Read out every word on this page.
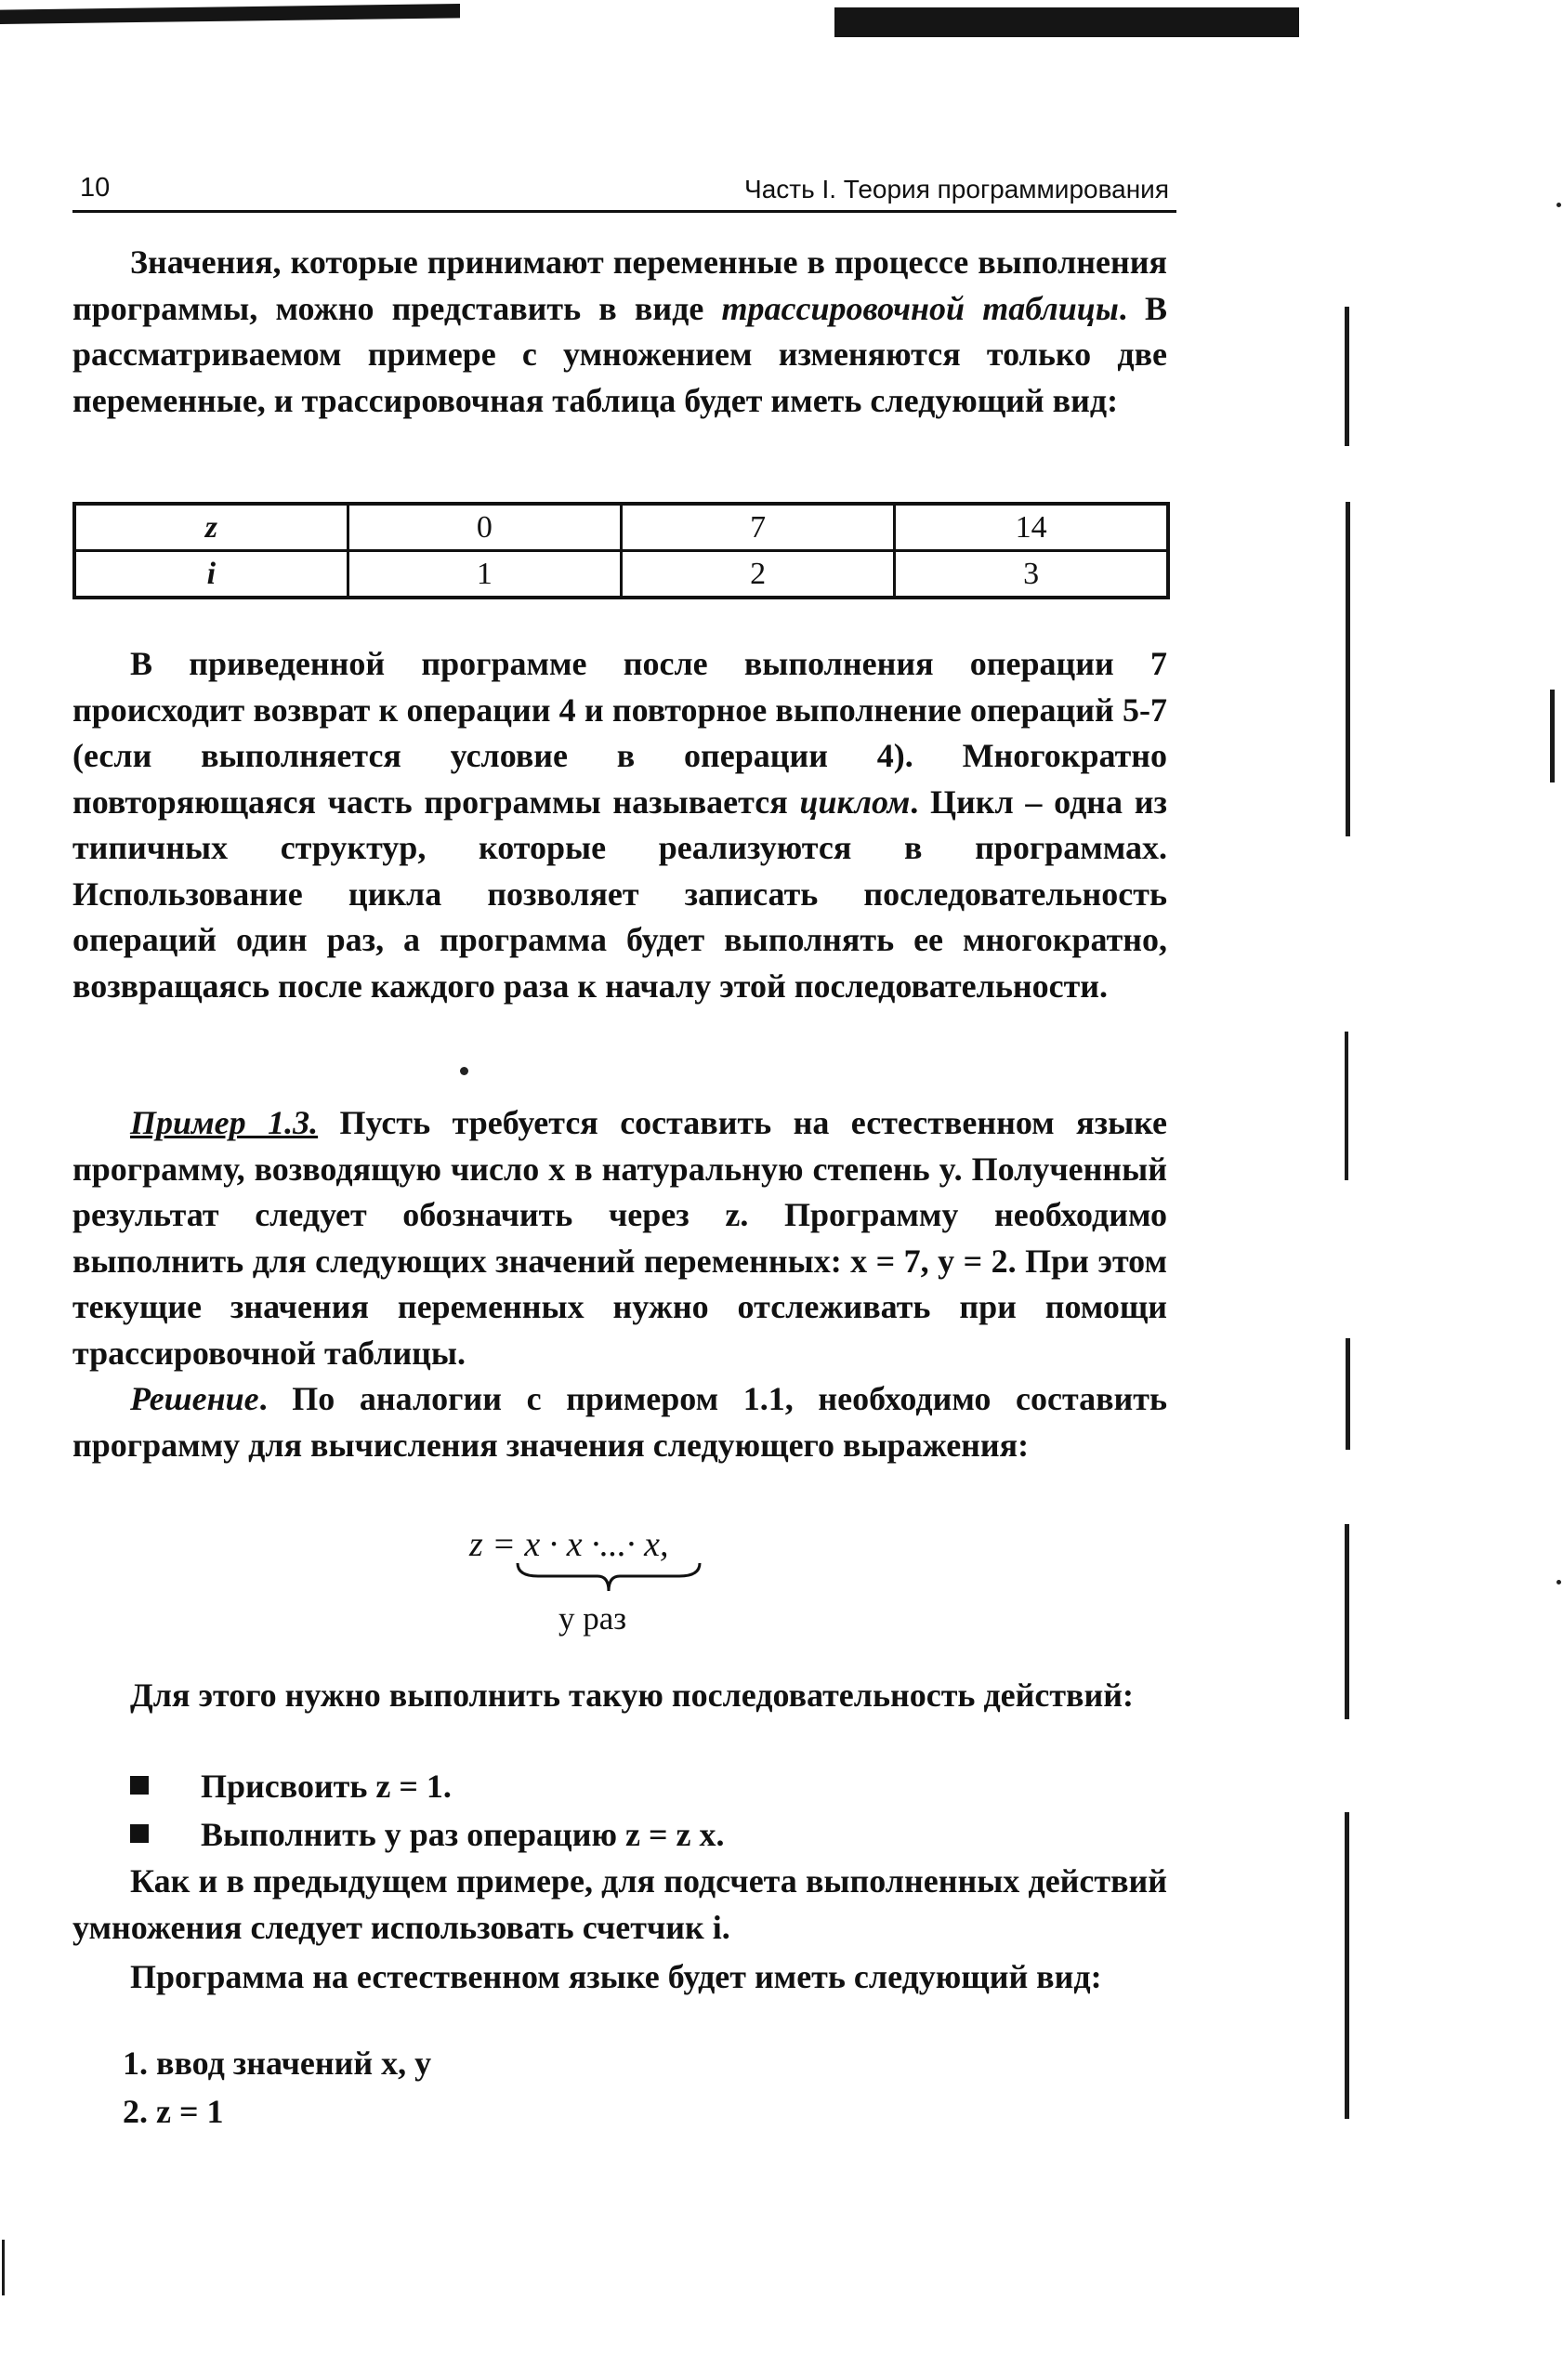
10	Часть I. Теория программирования

Значения, которые принимают переменные в процессе выполнения программы, можно представить в виде трассировочной таблицы. В рассматриваемом примере с умножением изменяются только две переменные, и трассировочная таблица будет иметь следующий вид:

z	0	7	14
i	1	2	3

В приведенной программе после выполнения операции 7 происходит возврат к операции 4 и повторное выполнение операций 5-7 (если выполняется условие в операции 4). Многократно повторяющаяся часть программы называется циклом. Цикл – одна из типичных структур, которые реализуются в программах. Использование цикла позволяет записать последовательность операций один раз, а программа будет выполнять ее многократно, возвращаясь после каждого раза к началу этой последовательности.

Пример 1.3. Пусть требуется составить на естественном языке программу, возводящую число x в натуральную степень y. Полученный результат следует обозначить через z. Программу необходимо выполнить для следующих значений переменных: x = 7, y = 2. При этом текущие значения переменных нужно отслеживать при помощи трассировочной таблицы.

Решение. По аналогии с примером 1.1, необходимо составить программу для вычисления значения следующего выражения:

z = x · x ·...· x,
y раз

Для этого нужно выполнить такую последовательность действий:

Присвоить z = 1.
Выполнить y раз операцию z = z x.

Как и в предыдущем примере, для подсчета выполненных действий умножения следует использовать счетчик i.

Программа на естественном языке будет иметь следующий вид:

1. ввод значений x, y
2. z = 1
